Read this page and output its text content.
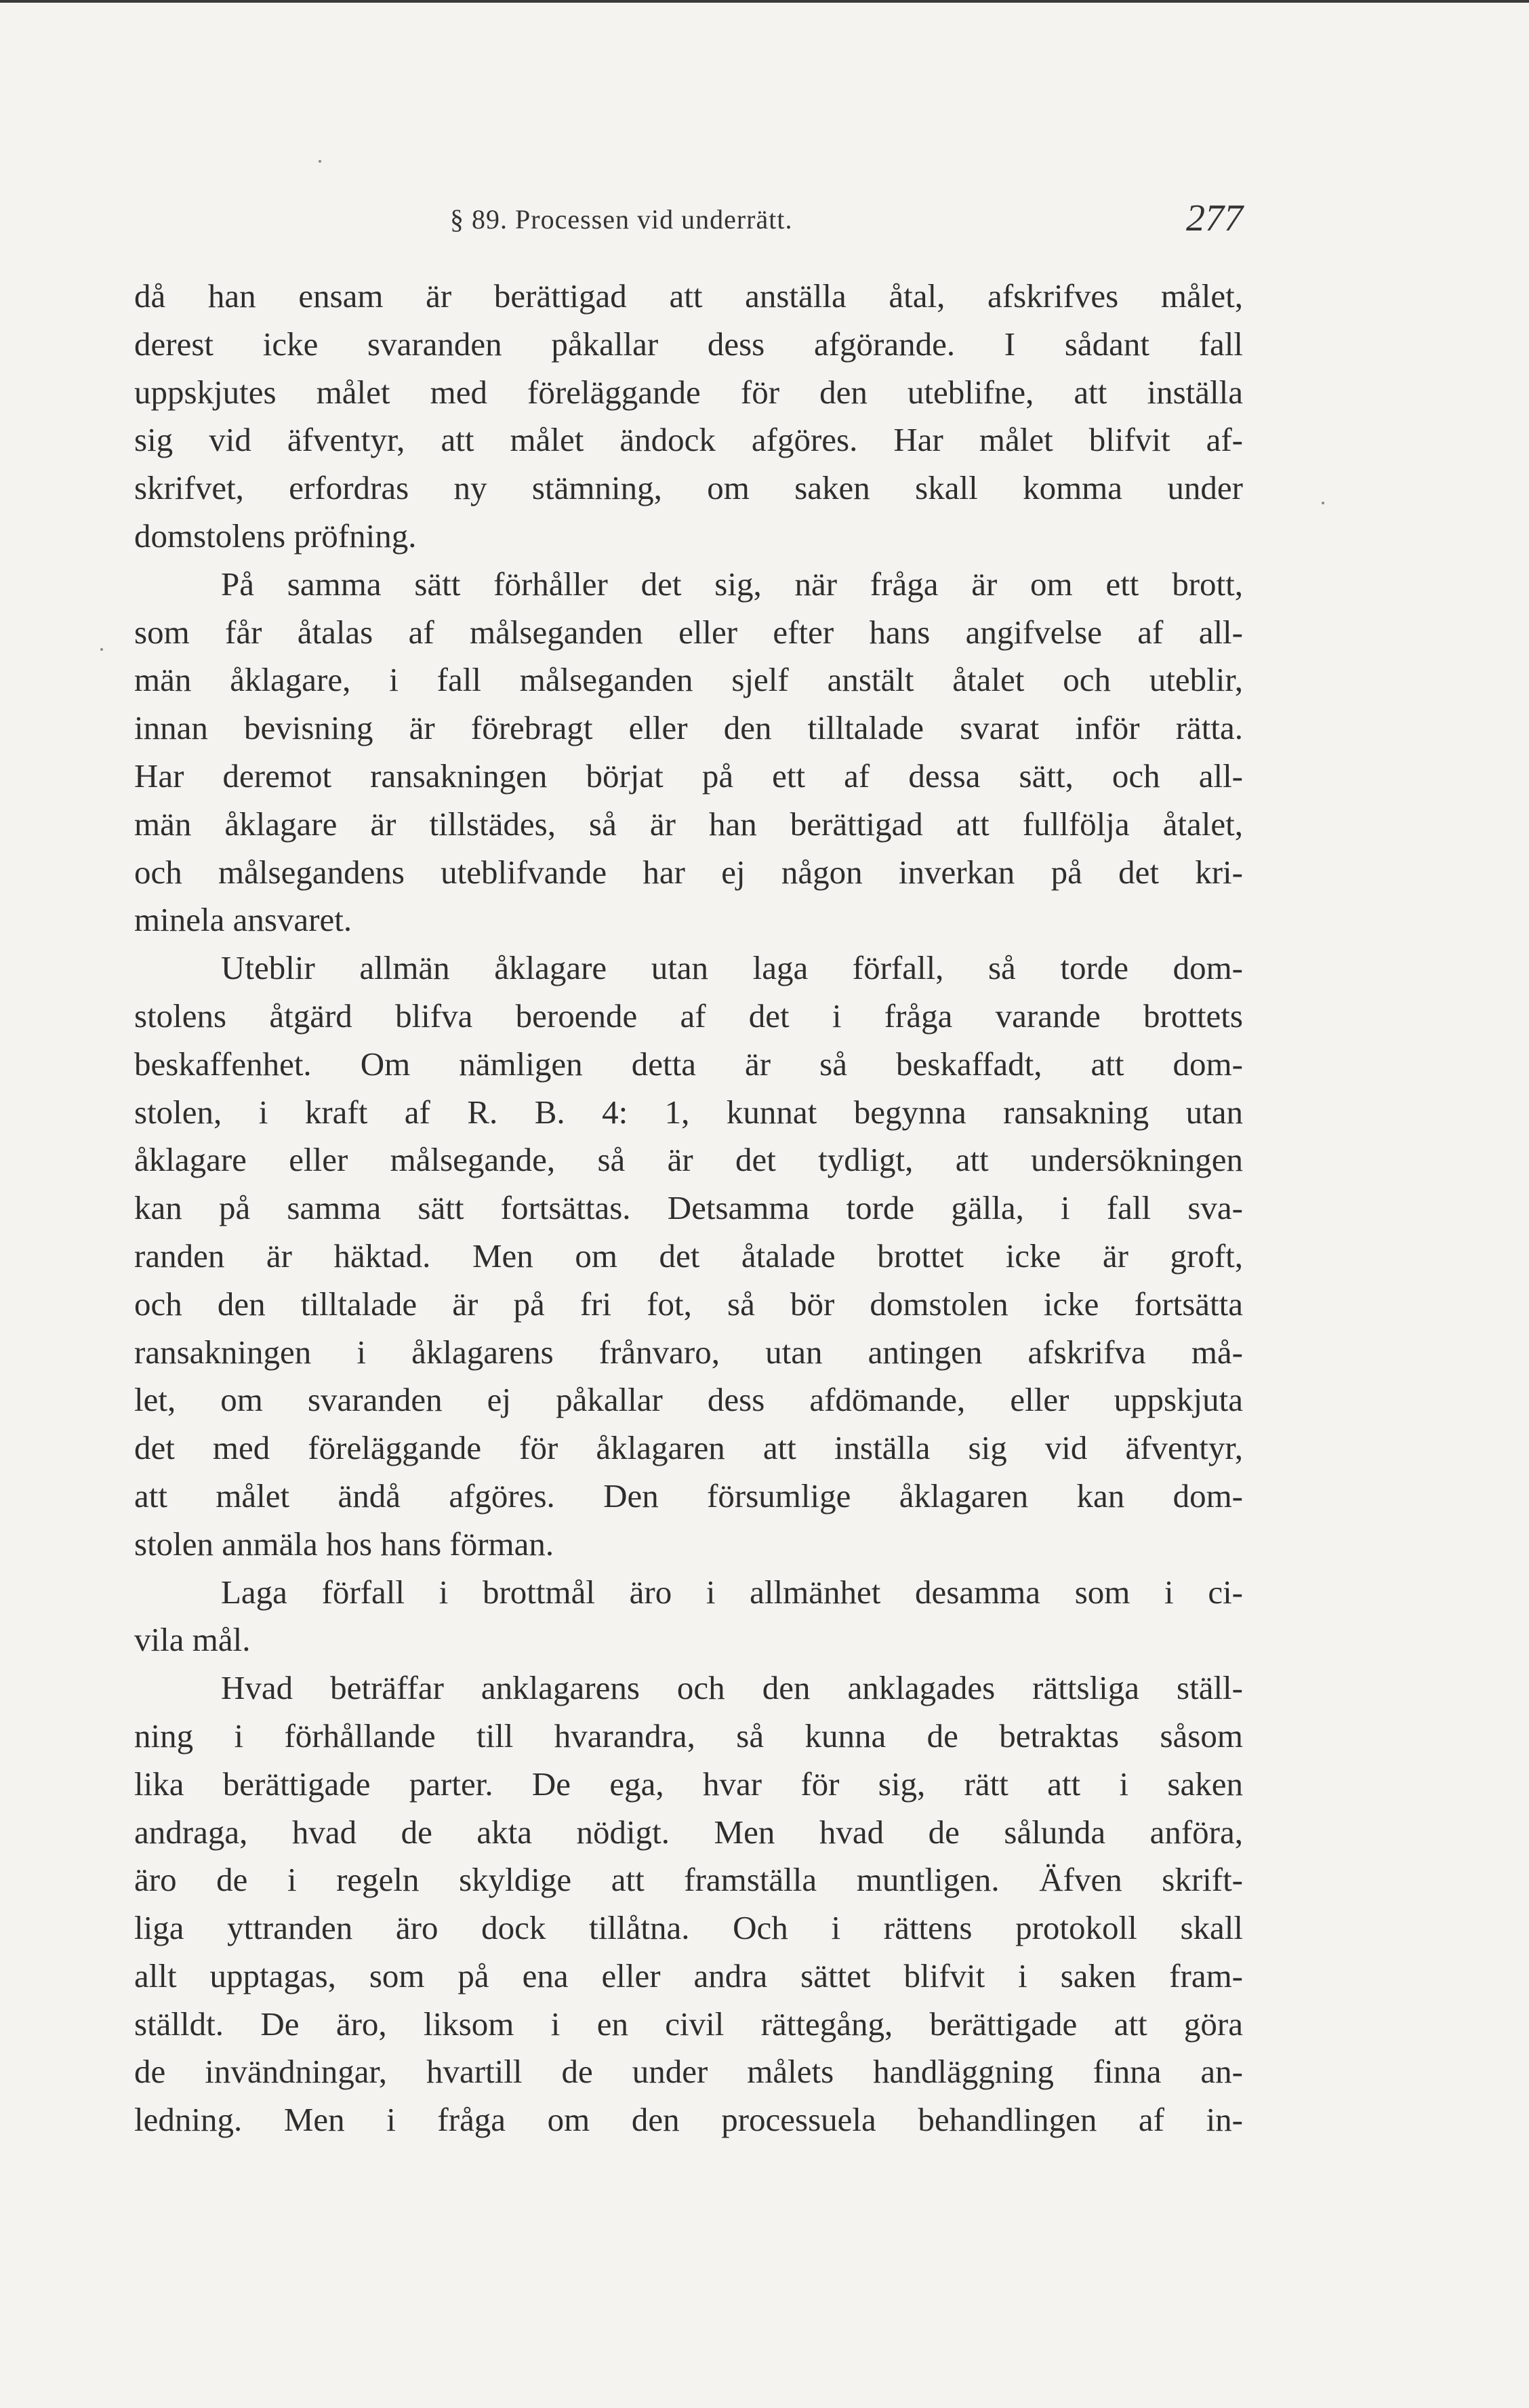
§ 89. Processen vid underrätt.	277
då han ensam är berättigad att anställa åtal, afskrifves målet,
derest icke svaranden påkallar dess afgörande. I sådant fall
uppskjutes målet med föreläggande för den uteblifne, att inställa
sig vid äfventyr, att målet ändock afgöres. Har målet blifvit af-
skrifvet, erfordras ny stämning, om saken skall komma under
domstolens pröfning.
På samma sätt förhåller det sig, när fråga är om ett brott,
som får åtalas af målseganden eller efter hans angifvelse af all-
män åklagare, i fall målseganden sjelf anstält åtalet och uteblir,
innan bevisning är förebragt eller den tilltalade svarat inför rätta.
Har deremot ransakningen börjat på ett af dessa sätt, och all-
män åklagare är tillstädes, så är han berättigad att fullfölja åtalet,
och målsegandens uteblifvande har ej någon inverkan på det kri-
minela ansvaret.
Uteblir allmän åklagare utan laga förfall, så torde dom-
stolens åtgärd blifva beroende af det i fråga varande brottets
beskaffenhet. Om nämligen detta är så beskaffadt, att dom-
stolen, i kraft af R. B. 4: 1, kunnat begynna ransakning utan
åklagare eller målsegande, så är det tydligt, att undersökningen
kan på samma sätt fortsättas. Detsamma torde gälla, i fall sva-
randen är häktad. Men om det åtalade brottet icke är groft,
och den tilltalade är på fri fot, så bör domstolen icke fortsätta
ransakningen i åklagarens frånvaro, utan antingen afskrifva må-
let, om svaranden ej påkallar dess afdömande, eller uppskjuta
det med föreläggande för åklagaren att inställa sig vid äfventyr,
att målet ändå afgöres. Den försumlige åklagaren kan dom-
stolen anmäla hos hans förman.
Laga förfall i brottmål äro i allmänhet desamma som i ci-
vila mål.
Hvad beträffar anklagarens och den anklagades rättsliga ställ-
ning i förhållande till hvarandra, så kunna de betraktas såsom
lika berättigade parter. De ega, hvar för sig, rätt att i saken
andraga, hvad de akta nödigt. Men hvad de sålunda anföra,
äro de i regeln skyldige att framställa muntligen. Äfven skrift-
liga yttranden äro dock tillåtna. Och i rättens protokoll skall
allt upptagas, som på ena eller andra sättet blifvit i saken fram-
ställdt. De äro, liksom i en civil rättegång, berättigade att göra
de invändningar, hvartill de under målets handläggning finna an-
ledning. Men i fråga om den processuela behandlingen af in-
